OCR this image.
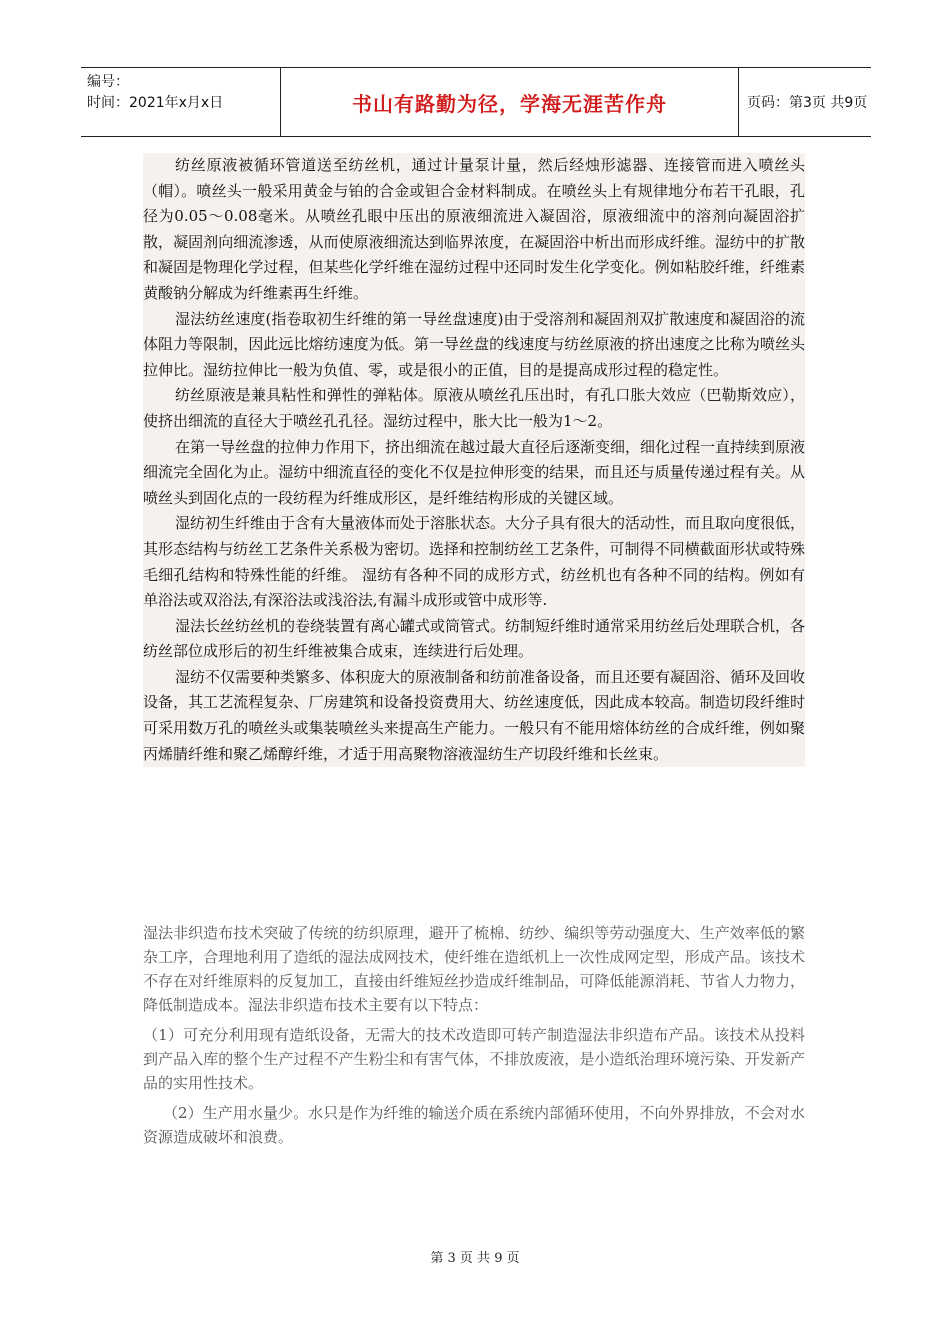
编号：
时间：2021年x月x日	书山有路勤为径，学海无涯苦作舟	页码：第3页 共9页

纺丝原液被循环管道送至纺丝机，通过计量泵计量，然后经烛形滤器、连接管而进入喷丝头（帽）。喷丝头一般采用黄金与铂的合金或钽合金材料制成。在喷丝头上有规律地分布若干孔眼，孔径为0.05～0.08毫米。从喷丝孔眼中压出的原液细流进入凝固浴，原液细流中的溶剂向凝固浴扩散，凝固剂向细流渗透，从而使原液细流达到临界浓度，在凝固浴中析出而形成纤维。湿纺中的扩散和凝固是物理化学过程，但某些化学纤维在湿纺过程中还同时发生化学变化。例如粘胶纤维，纤维素黄酸钠分解成为纤维素再生纤维。

湿法纺丝速度(指卷取初生纤维的第一导丝盘速度)由于受溶剂和凝固剂双扩散速度和凝固浴的流体阻力等限制，因此远比熔纺速度为低。第一导丝盘的线速度与纺丝原液的挤出速度之比称为喷丝头拉伸比。湿纺拉伸比一般为负值、零，或是很小的正值，目的是提高成形过程的稳定性。

纺丝原液是兼具粘性和弹性的弹粘体。原液从喷丝孔压出时，有孔口胀大效应（巴勒斯效应），使挤出细流的直径大于喷丝孔孔径。湿纺过程中，胀大比一般为1～2。

在第一导丝盘的拉伸力作用下，挤出细流在越过最大直径后逐渐变细，细化过程一直持续到原液细流完全固化为止。湿纺中细流直径的变化不仅是拉伸形变的结果，而且还与质量传递过程有关。从喷丝头到固化点的一段纺程为纤维成形区，是纤维结构形成的关键区域。

湿纺初生纤维由于含有大量液体而处于溶胀状态。大分子具有很大的活动性，而且取向度很低，其形态结构与纺丝工艺条件关系极为密切。选择和控制纺丝工艺条件，可制得不同横截面形状或特殊毛细孔结构和特殊性能的纤维。 湿纺有各种不同的成形方式，纺丝机也有各种不同的结构。例如有单浴法或双浴法,有深浴法或浅浴法,有漏斗成形或管中成形等.

湿法长丝纺丝机的卷绕装置有离心罐式或筒管式。纺制短纤维时通常采用纺丝后处理联合机，各纺丝部位成形后的初生纤维被集合成束，连续进行后处理。

湿纺不仅需要种类繁多、体积庞大的原液制备和纺前准备设备，而且还要有凝固浴、循环及回收设备，其工艺流程复杂、厂房建筑和设备投资费用大、纺丝速度低，因此成本较高。制造切段纤维时可采用数万孔的喷丝头或集装喷丝头来提高生产能力。一般只有不能用熔体纺丝的合成纤维，例如聚丙烯腈纤维和聚乙烯醇纤维，才适于用高聚物溶液湿纺生产切段纤维和长丝束。

湿法非织造布技术突破了传统的纺织原理，避开了梳棉、纺纱、编织等劳动强度大、生产效率低的繁杂工序，合理地利用了造纸的湿法成网技术，使纤维在造纸机上一次性成网定型，形成产品。该技术不存在对纤维原料的反复加工，直接由纤维短丝抄造成纤维制品，可降低能源消耗、节省人力物力，降低制造成本。湿法非织造布技术主要有以下特点：

（1）可充分利用现有造纸设备，无需大的技术改造即可转产制造湿法非织造布产品。该技术从投料到产品入库的整个生产过程不产生粉尘和有害气体，不排放废液，是小造纸治理环境污染、开发新产品的实用性技术。

（2）生产用水量少。水只是作为纤维的输送介质在系统内部循环使用，不向外界排放，不会对水资源造成破坏和浪费。

第 3 页 共 9 页
